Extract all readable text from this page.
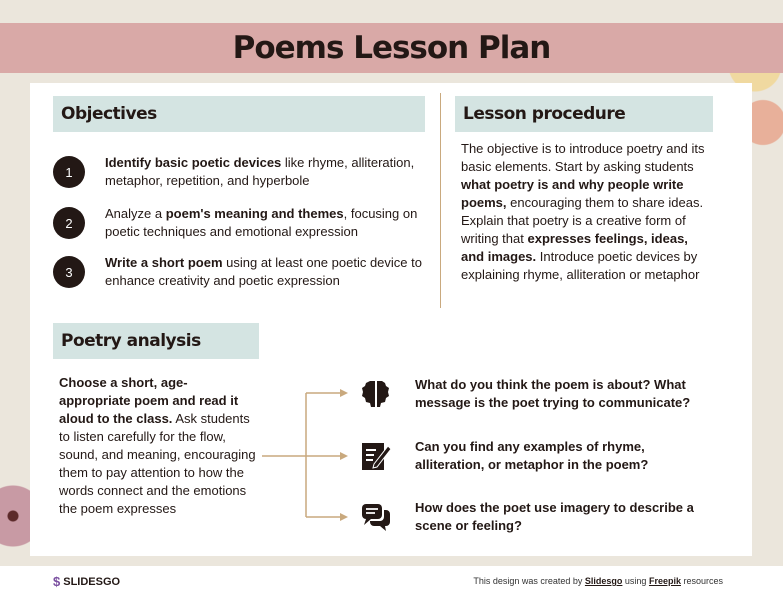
Poems Lesson Plan
Objectives	Lesson procedure
1
Identify basic poetic devices like rhyme, alliteration, metaphor, repetition, and hyperbole
2
Analyze a poem's meaning and themes, focusing on poetic techniques and emotional expression
3
Write a short poem using at least one poetic device to enhance creativity and poetic expression
The objective is to introduce poetry and its basic elements. Start by asking students what poetry is and why people write poems, encouraging them to share ideas. Explain that poetry is a creative form of writing that expresses feelings, ideas, and images. Introduce poetic devices by explaining rhyme, alliteration or metaphor
Poetry analysis
Choose a short, age-appropriate poem and read it aloud to the class. Ask students to listen carefully for the flow, sound, and meaning, encouraging them to pay attention to how the words connect and the emotions the poem expresses
What do you think the poem is about? What message is the poet trying to communicate?
Can you find any examples of rhyme, alliteration, or metaphor in the poem?
How does the poet use imagery to describe a scene or feeling?
$ SLIDESGO	This design was created by Slidesgo using Freepik resources
